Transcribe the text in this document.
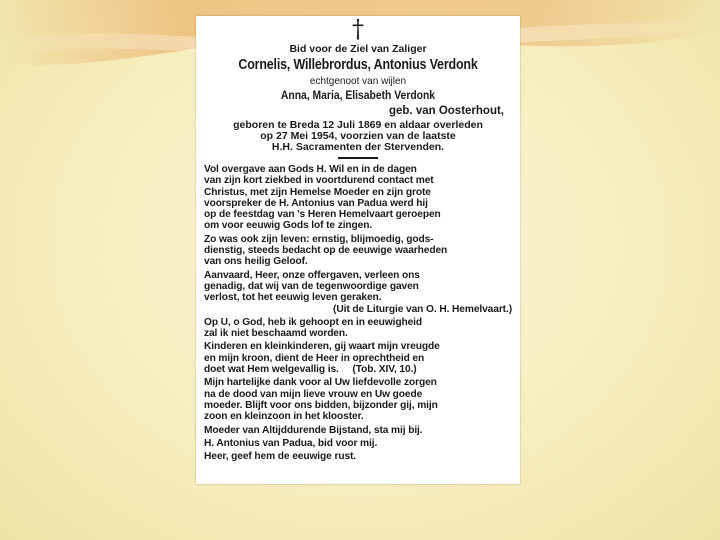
†
Bid voor de Ziel van Zaliger
Cornelis, Willebrordus, Antonius Verdonk
echtgenoot van wijlen
Anna, Maria, Elisabeth Verdonk
geb. van Oosterhout,
geboren te Breda 12 Juli 1869 en aldaar overleden
op 27 Mei 1954, voorzien van de laatste
H.H. Sacramenten der Stervenden.
Vol overgave aan Gods H. Wil en in de dagen
van zijn kort ziekbed in voortdurend contact met
Christus, met zijn Hemelse Moeder en zijn grote
voorspreker de H. Antonius van Padua werd hij
op de feestdag van 's Heren Hemelvaart geroepen
om voor eeuwig Gods lof te zingen.
Zo was ook zijn leven: ernstig, blijmoedig, gods-
dienstig, steeds bedacht op de eeuwige waarheden
van ons heilig Geloof.
Aanvaard, Heer, onze offergaven, verleen ons
genadig, dat wij van de tegenwoordige gaven
verlost, tot het eeuwig leven geraken.
(Uit de Liturgie van O. H. Hemelvaart.)
Op U, o God, heb ik gehoopt en in eeuwigheid
zal ik niet beschaamd worden.
Kinderen en kleinkinderen, gij waart mijn vreugde
en mijn kroon, dient de Heer in oprechtheid en
doet wat Hem welgevallig is.     (Tob. XIV, 10.)
Mijn hartelijke dank voor al Uw liefdevolle zorgen
na de dood van mijn lieve vrouw en Uw goede
moeder. Blijft voor ons bidden, bijzonder gij, mijn
zoon en kleinzoon in het klooster.
Moeder van Altijddurende Bijstand, sta mij bij.
H. Antonius van Padua, bid voor mij.
Heer, geef hem de eeuwige rust.
